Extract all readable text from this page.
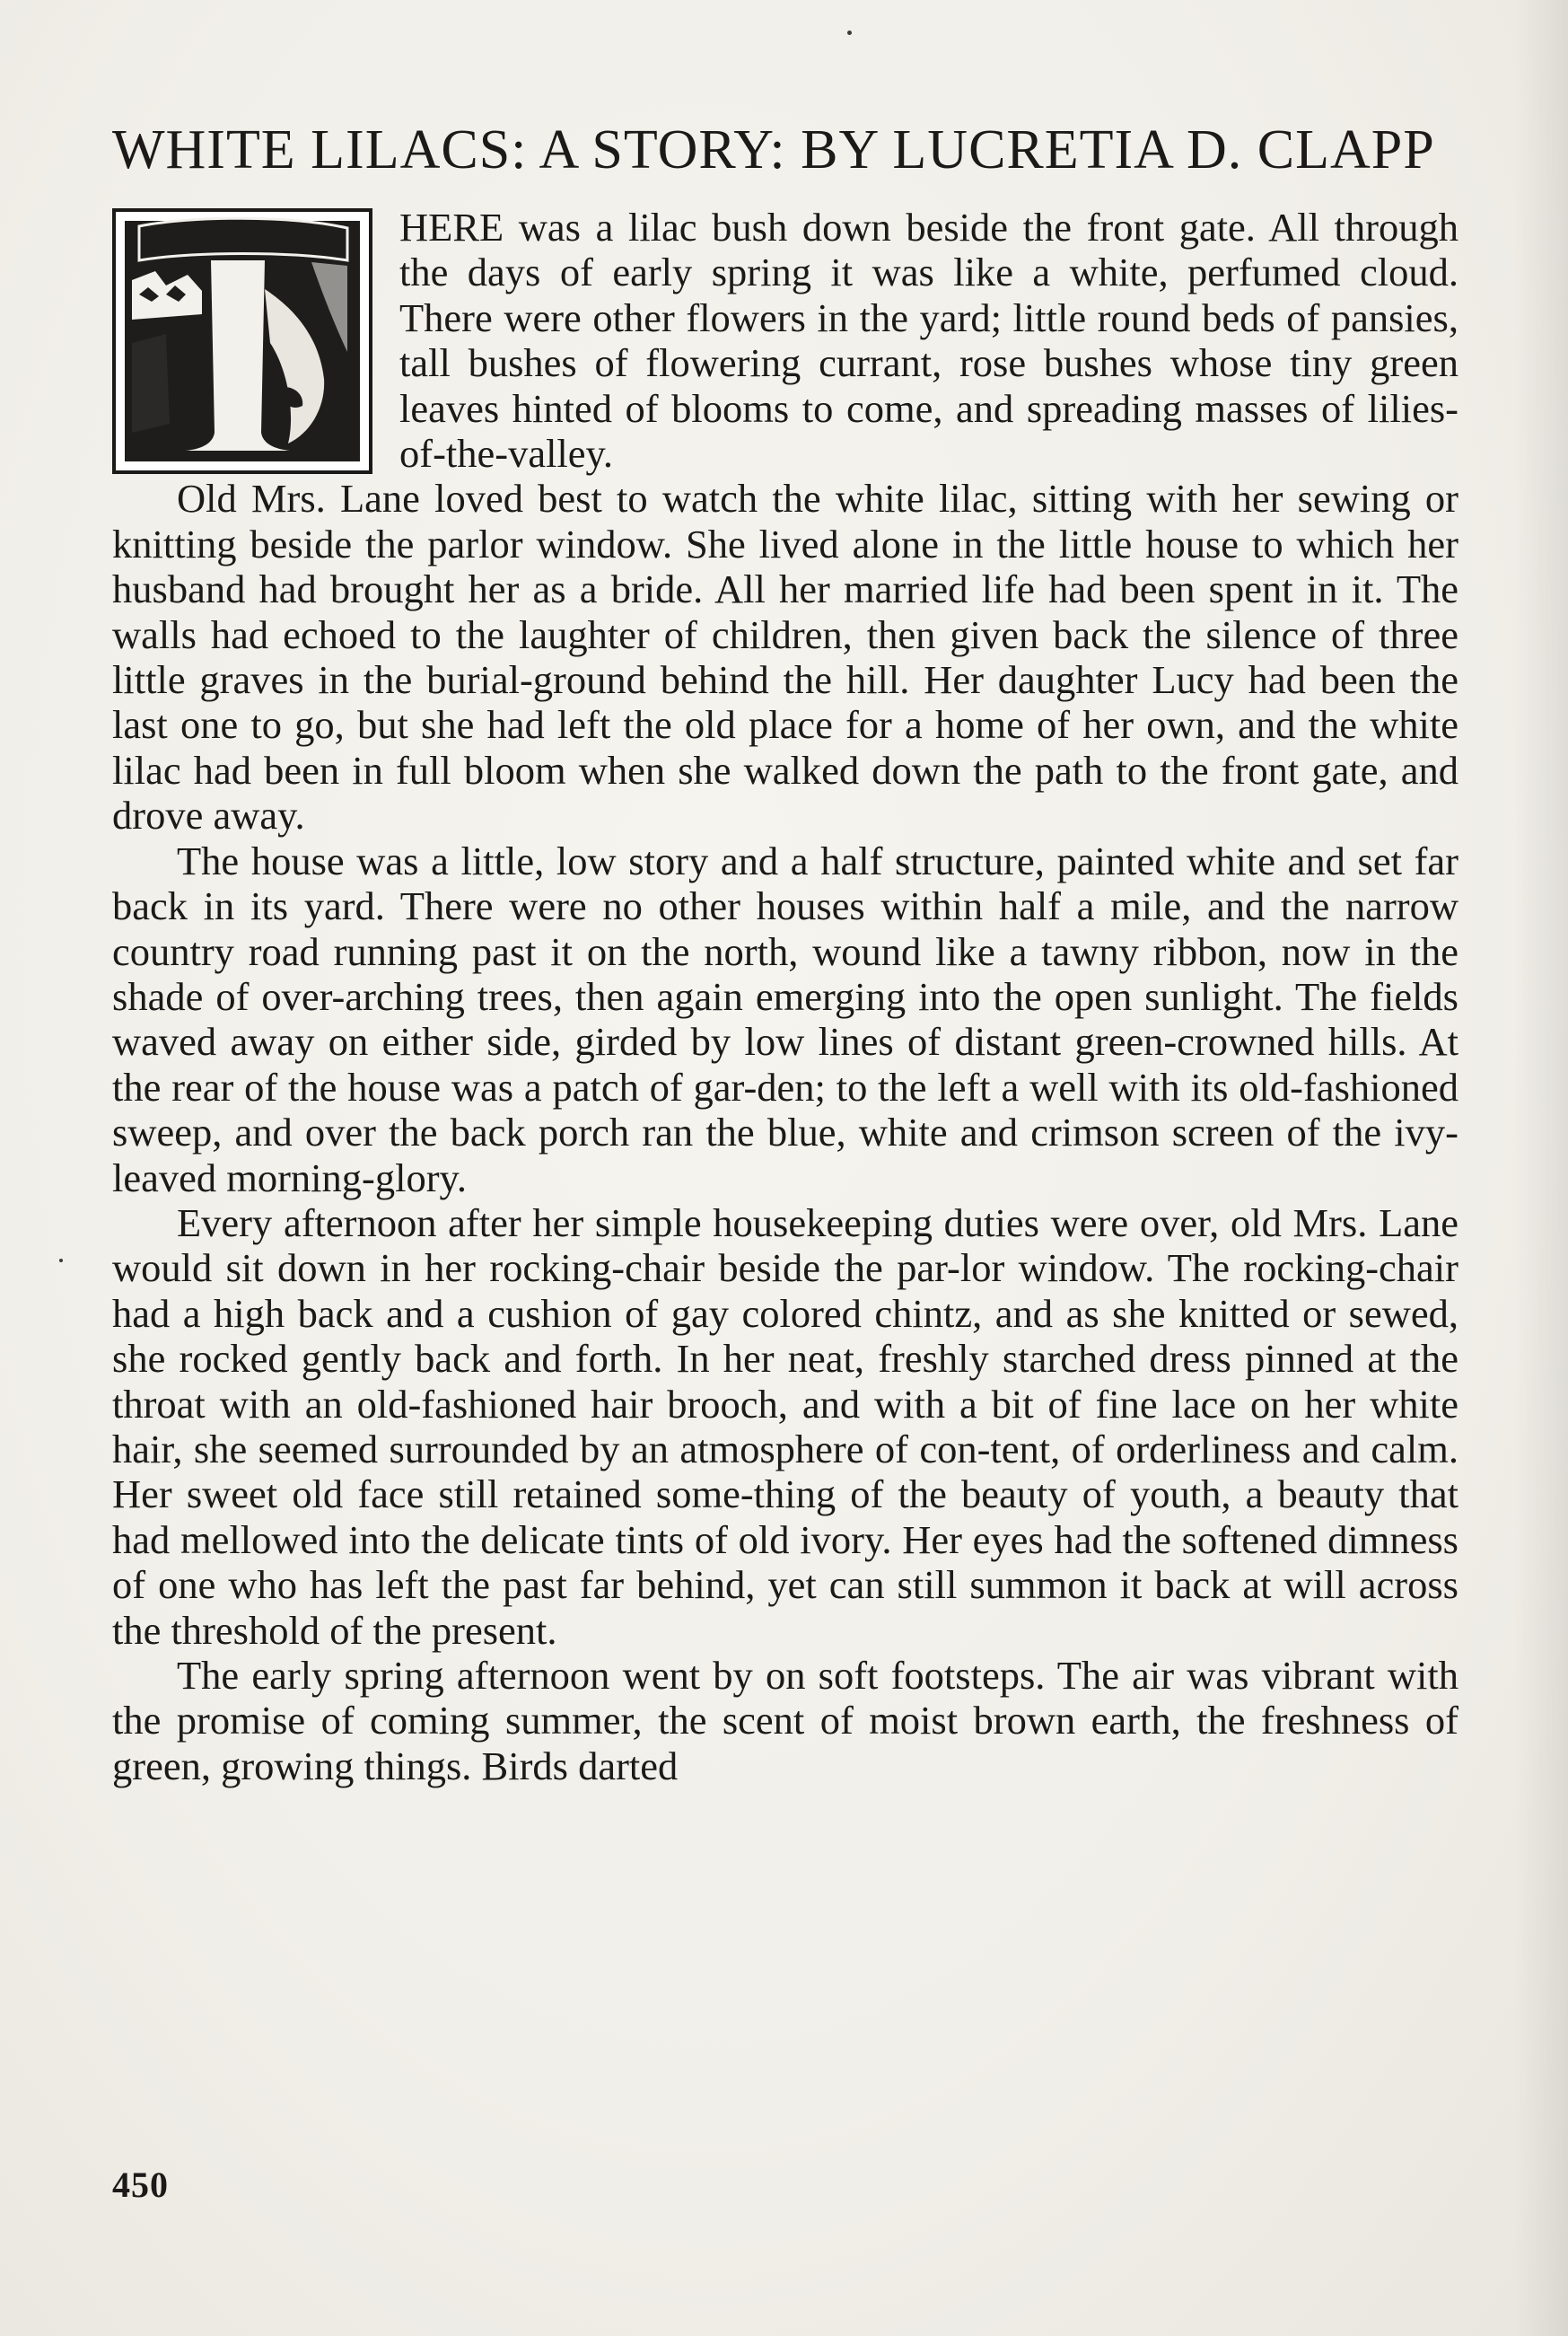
WHITE LILACS: A STORY: BY LUCRETIA D. CLAPP

HERE was a lilac bush down beside the front gate. All through the days of early spring it was like a white, perfumed cloud. There were other flowers in the yard; little round beds of pansies, tall bushes of flowering currant, rose bushes whose tiny green leaves hinted of blooms to come, and spreading masses of lilies-of-the-valley.

Old Mrs. Lane loved best to watch the white lilac, sitting with her sewing or knitting beside the parlor window. She lived alone in the little house to which her husband had brought her as a bride. All her married life had been spent in it. The walls had echoed to the laughter of children, then given back the silence of three little graves in the burial-ground behind the hill. Her daughter Lucy had been the last one to go, but she had left the old place for a home of her own, and the white lilac had been in full bloom when she walked down the path to the front gate, and drove away.

The house was a little, low story and a half structure, painted white and set far back in its yard. There were no other houses within half a mile, and the narrow country road running past it on the north, wound like a tawny ribbon, now in the shade of over-arching trees, then again emerging into the open sunlight. The fields waved away on either side, girded by low lines of distant green-crowned hills. At the rear of the house was a patch of gar-den; to the left a well with its old-fashioned sweep, and over the back porch ran the blue, white and crimson screen of the ivy-leaved morning-glory.

Every afternoon after her simple housekeeping duties were over, old Mrs. Lane would sit down in her rocking-chair beside the par-lor window. The rocking-chair had a high back and a cushion of gay colored chintz, and as she knitted or sewed, she rocked gently back and forth. In her neat, freshly starched dress pinned at the throat with an old-fashioned hair brooch, and with a bit of fine lace on her white hair, she seemed surrounded by an atmosphere of con-tent, of orderliness and calm. Her sweet old face still retained some-thing of the beauty of youth, a beauty that had mellowed into the delicate tints of old ivory. Her eyes had the softened dimness of one who has left the past far behind, yet can still summon it back at will across the threshold of the present.

The early spring afternoon went by on soft footsteps. The air was vibrant with the promise of coming summer, the scent of moist brown earth, the freshness of green, growing things. Birds darted

450
